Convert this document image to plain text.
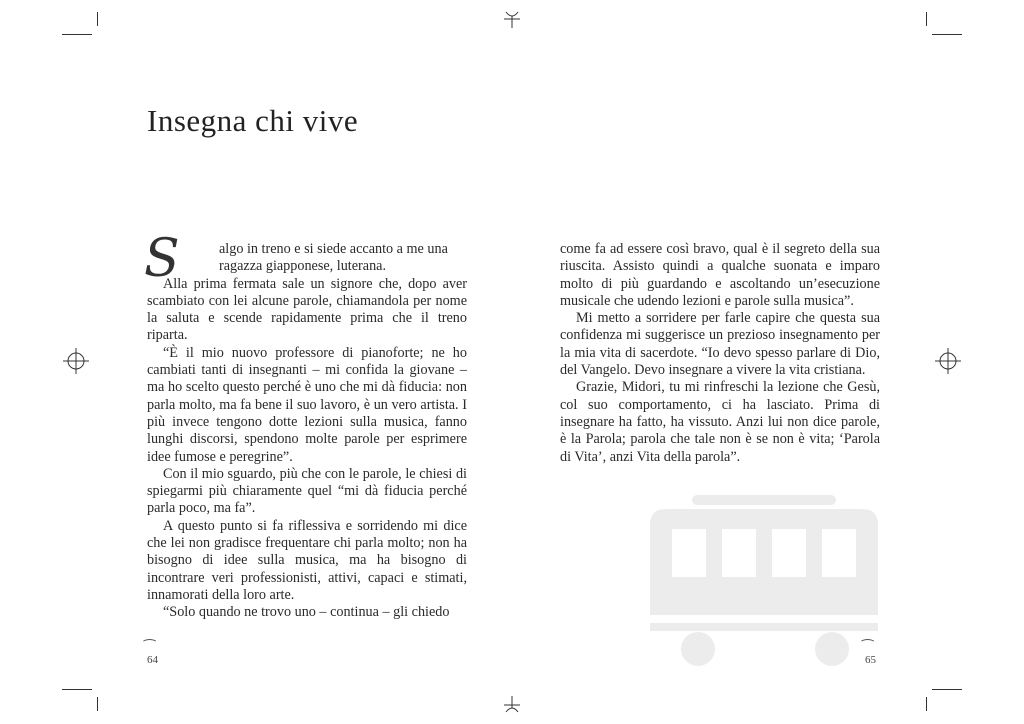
Insegna chi vive
S	algo in treno e si siede accanto a me una

ragazza giapponese, luterana.

Alla prima fermata sale un signore che, dopo aver scambiato con lei alcune parole, chiamandola per nome la saluta e scende rapidamente prima che il treno riparta.

“È il mio nuovo professore di pianoforte; ne ho cambiati tanti di insegnanti – mi confida la giovane – ma ho scelto questo perché è uno che mi dà fiducia: non parla molto, ma fa bene il suo lavoro, è un vero artista. I più invece tengono dotte lezioni sulla musica, fanno lunghi discorsi, spendono molte parole per esprimere idee fumose e peregrine”.

Con il mio sguardo, più che con le parole, le chiesi di spiegarmi più chiaramente quel “mi dà fiducia perché parla poco, ma fa”.

A questo punto si fa riflessiva e sorridendo mi dice che lei non gradisce frequentare chi parla molto; non ha bisogno di idee sulla musica, ma ha bisogno di incontrare veri professionisti, attivi, capaci e stimati, innamorati della loro arte.

“Solo quando ne trovo uno – continua – gli chiedo

come fa ad essere così bravo, qual è il segreto della sua riuscita. Assisto quindi a qualche suonata e imparo molto di più guardando e ascoltando un’esecuzione musicale che udendo lezioni e parole sulla musica”.

Mi metto a sorridere per farle capire che questa sua confidenza mi suggerisce un prezioso insegnamento per la mia vita di sacerdote. “Io devo spesso parlare di Dio, del Vangelo. Devo insegnare a vivere la vita cristiana.

Grazie, Midori, tu mi rinfreschi la lezione che Gesù, col suo comportamento, ci ha lasciato. Prima di insegnare ha fatto, ha vissuto. Anzi lui non dice parole, è la Parola; parola che tale non è se non è vita; ‘Parola di Vita’, anzi Vita della parola”.

⁀
64
⁀
65
